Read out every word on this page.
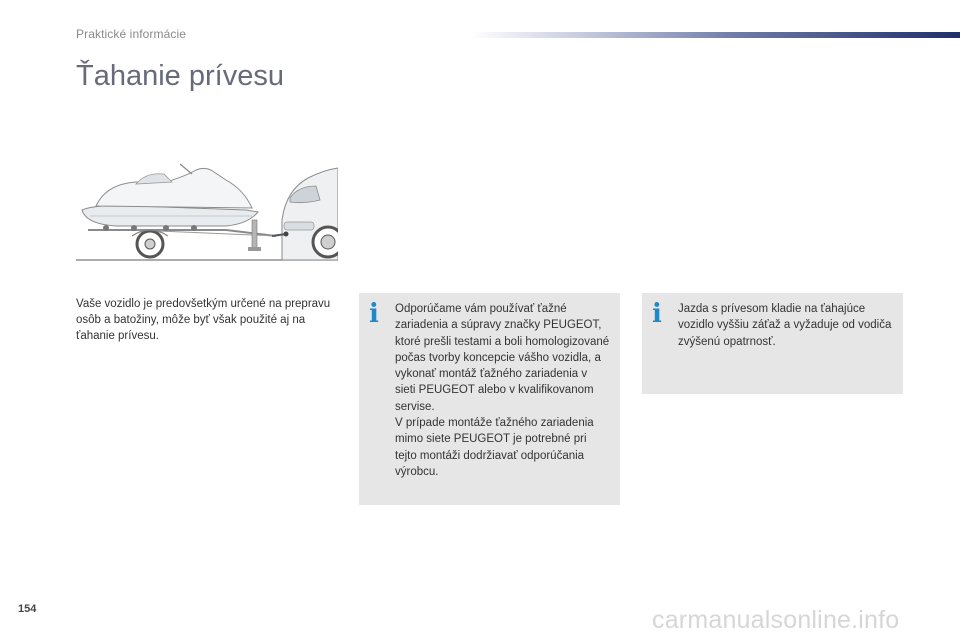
Praktické informácie
Ťahanie prívesu
Vaše vozidlo je predovšetkým určené na prepravu osôb a batožiny, môže byť však použité aj na ťahanie prívesu.
i Odporúčame vám používať ťažné zariadenia a súpravy značky PEUGEOT, ktoré prešli testami a boli homologizované počas tvorby koncepcie vášho vozidla, a vykonať montáž ťažného zariadenia v sieti PEUGEOT alebo v kvalifikovanom servise.

V prípade montáže ťažného zariadenia mimo siete PEUGEOT je potrebné pri tejto montáži dodržiavať odporúčania výrobcu.

i Jazda s prívesom kladie na ťahajúce vozidlo vyššiu záťaž a vyžaduje od vodiča zvýšenú opatrnosť.

154	carmanualsonline.info
